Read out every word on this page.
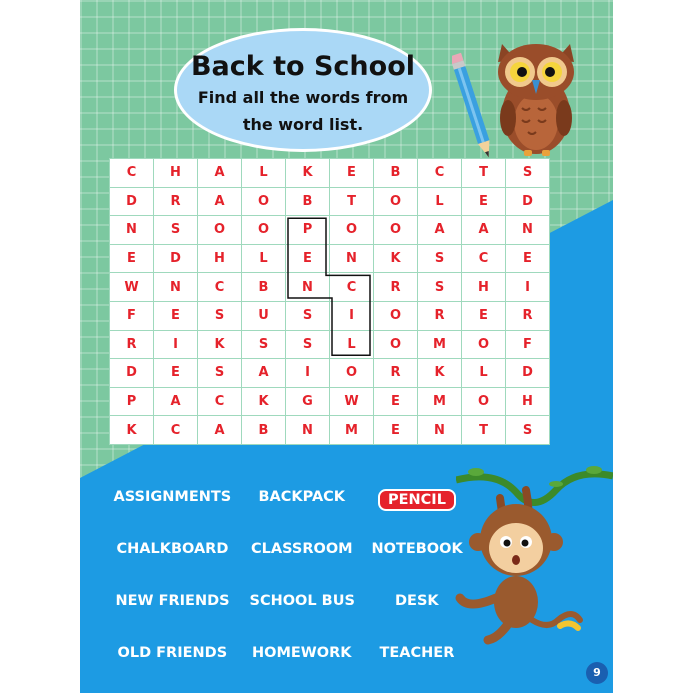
Back to School
Find all the words from
the word list.
C	H	A	L	K	E	B	C	T	S
D	R	A	O	B	T	O	L	E	D
N	S	O	O	P	O	O	A	A	N
E	D	H	L	E	N	K	S	C	E
W	N	C	B	N	C	R	S	H	I
F	E	S	U	S	I	O	R	E	R
R	I	K	S	S	L	O	M	O	F
D	E	S	A	I	O	R	K	L	D
P	A	C	K	G	W	E	M	O	H
K	C	A	B	N	M	E	N	T	S
ASSIGNMENTS BACKPACK	PENCIL
CHALKBOARD CLASSROOM NOTEBOOK
NEW FRIENDS SCHOOL BUS	DESK
OLD FRIENDS HOMEWORK TEACHER
9
